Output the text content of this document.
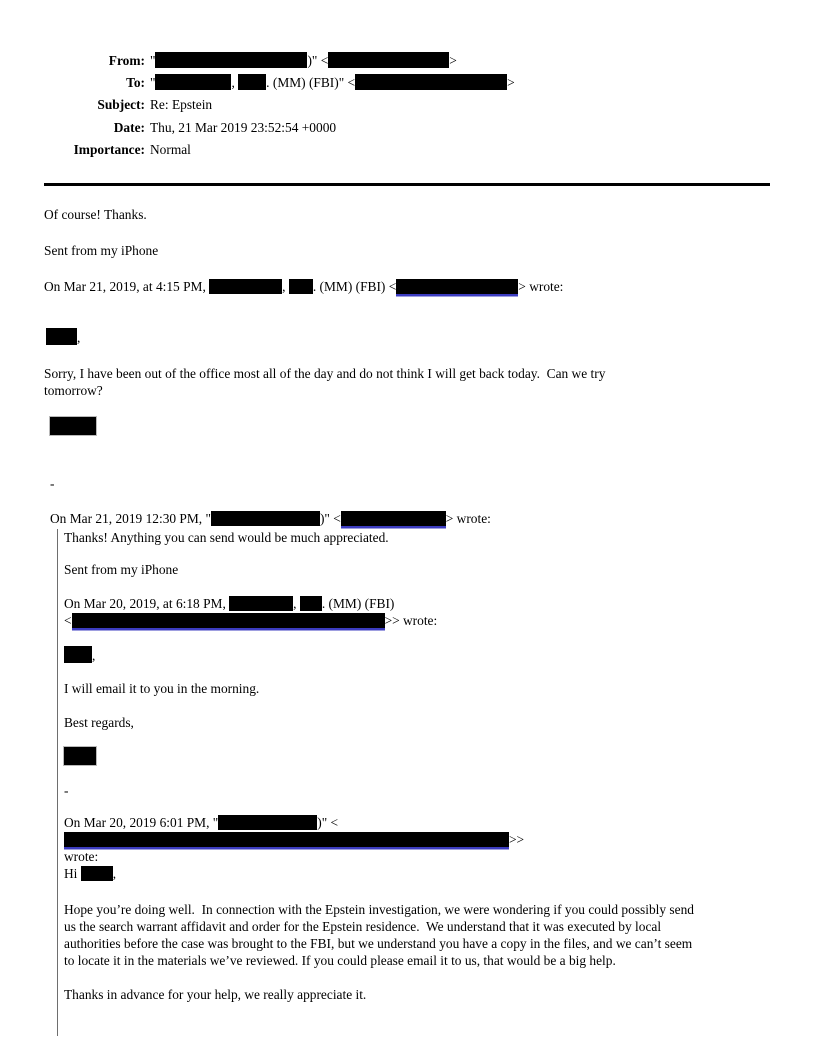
From: "	)" <	>
To: "	, . (MM) (FBI)" <	>
Subject: Re: Epstein
Date: Thu, 21 Mar 2019 23:52:54 +0000
Importance: Normal
Of course! Thanks.
Sent from my iPhone
On Mar 21, 2019, at 4:15 PM,	, . (MM) (FBI) <	> wrote:
,
Sorry, I have been out of the office most all of the day and do not think I will get back today.  Can we try
tomorrow?
-
On Mar 21, 2019 12:30 PM, "	)" <	> wrote:
Thanks! Anything you can send would be much appreciated.
Sent from my iPhone
On Mar 20, 2019, at 6:18 PM,	, . (MM) (FBI)
<	>> wrote:
,
I will email it to you in the morning.
Best regards,
-
On Mar 20, 2019 6:01 PM, "	)" <>>
wrote:
Hi ,
Hope you’re doing well.  In connection with the Epstein investigation, we were wondering if you could possibly send
us the search warrant affidavit and order for the Epstein residence.  We understand that it was executed by local
authorities before the case was brought to the FBI, but we understand you have a copy in the files, and we can’t seem
to locate it in the materials we’ve reviewed. If you could please email it to us, that would be a big help.
Thanks in advance for your help, we really appreciate it.
